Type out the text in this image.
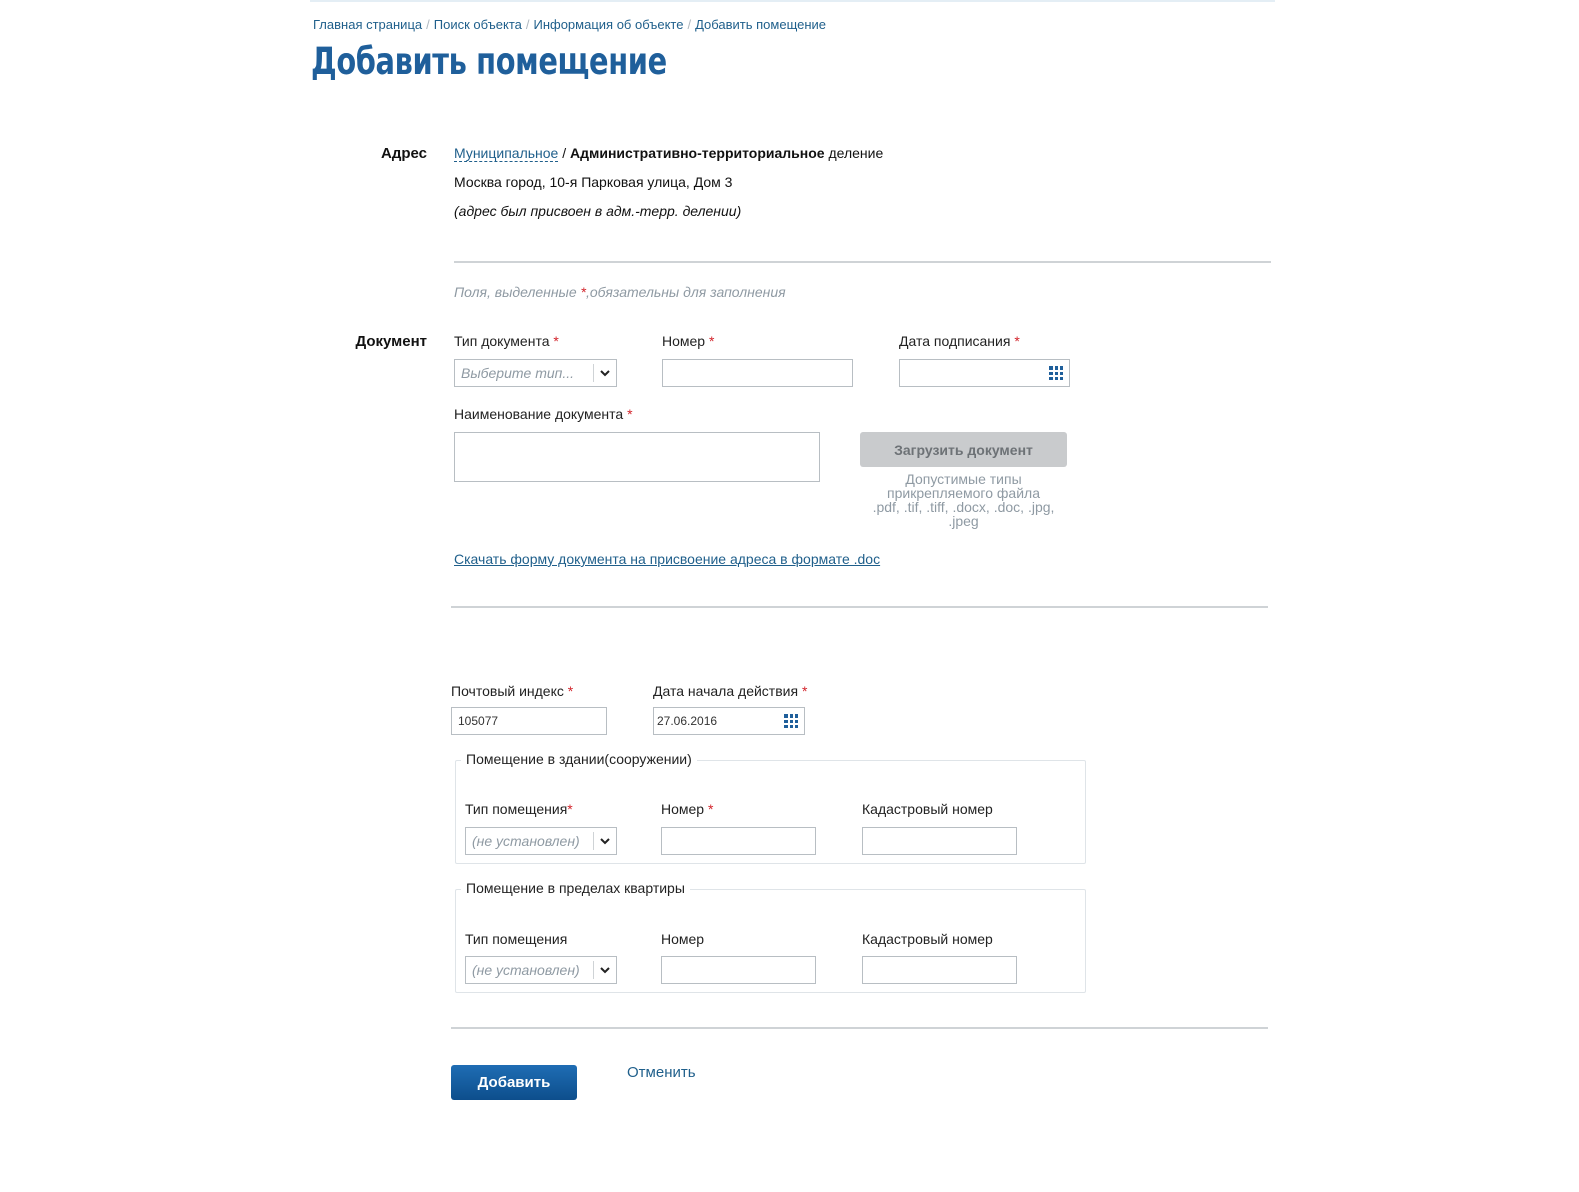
Главная страница / Поиск объекта / Информация об объекте / Добавить помещение
Добавить помещение
Адрес Муниципальное / Административно-территориальное деление
Москва город, 10-я Парковая улица, Дом 3
(адрес был присвоен в адм.-терр. делении)
Поля, выделенные *,обязательны для заполнения
Документ Тип документа *
Выберите тип...
Номер *	Дата подписания *
Наименование документа *
Загрузить документ
Допустимые типы
прикрепляемого файла
.pdf, .tif, .tiff, .docx, .doc, .jpg,
.jpeg
Скачать форму документа на присвоение адреса в формате .doc
Почтовый индекс *
105077
Дата начала действия *
27.06.2016
Помещение в здании(сооружении)
Тип помещения*
(не установлен)
Номер *	Кадастровый номер
Помещение в пределах квартиры
Тип помещения
(не установлен)
Номер	Кадастровый номер
Добавить
Отменить
